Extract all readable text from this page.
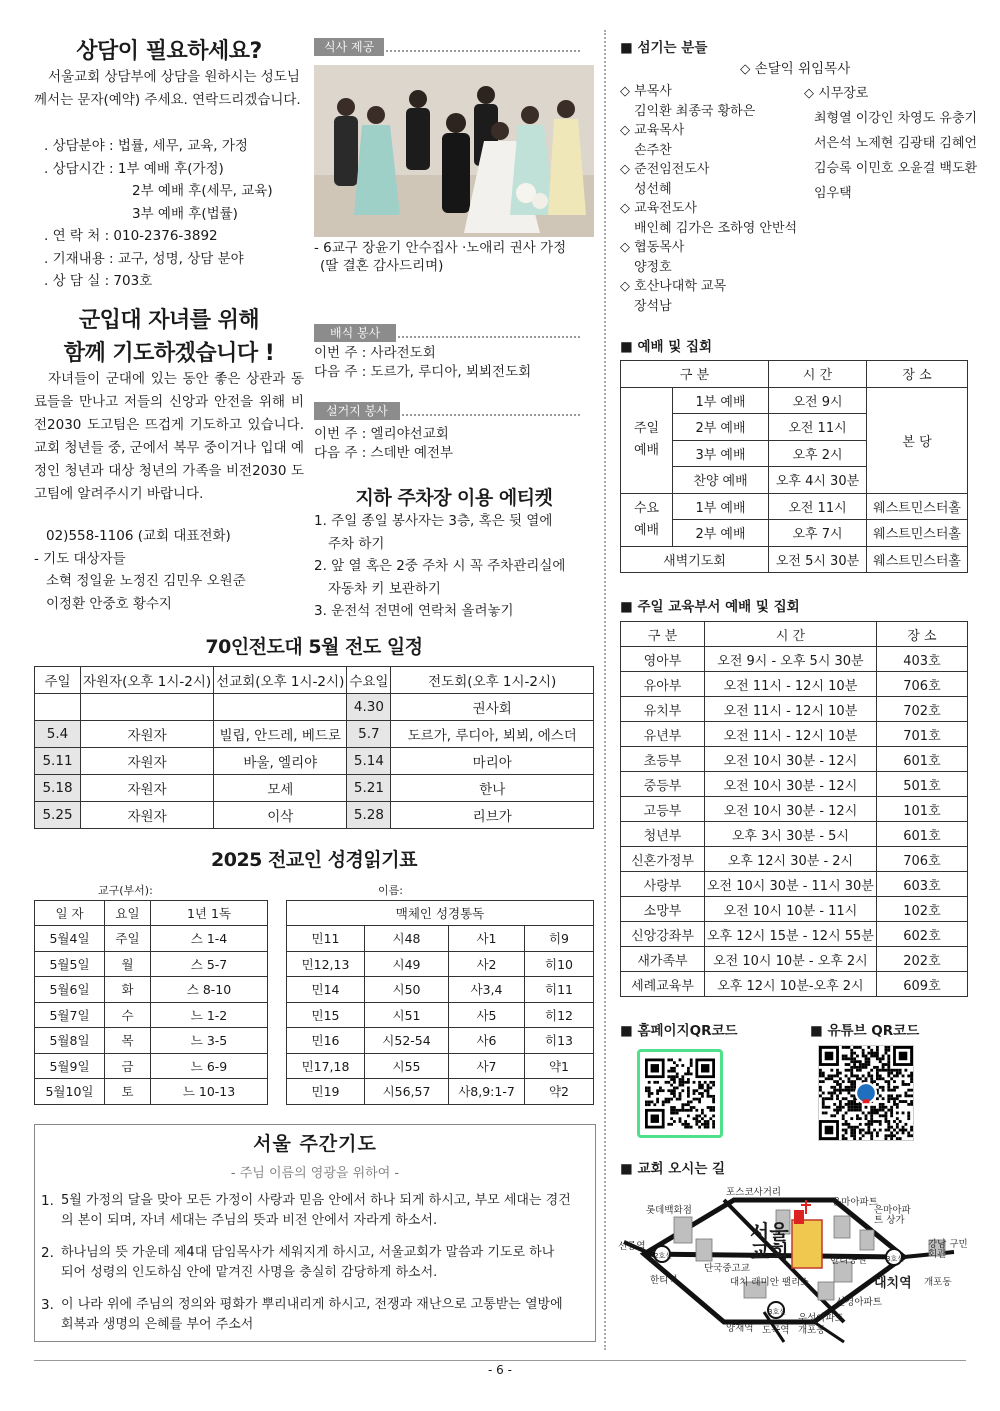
상담이 필요하세요?

서울교회 상담부에 상담을 원하시는 성도님께서는 문자(예약) 주세요. 연락드리겠습니다.

. 상담분야 : 법률, 세무, 교육, 가정
. 상담시간 : 1부 예배 후(가정)
2부 예배 후(세무, 교육)
3부 예배 후(법률)
. 연 락 처 : 010-2376-3892
. 기재내용 : 교구, 성명, 상담 분야
. 상 담 실 : 703호
군입대 자녀를 위해
함께 기도하겠습니다 !

자녀들이 군대에 있는 동안 좋은 상관과 동료들을 만나고 저들의 신앙과 안전을 위해 비전2030 도고팀은 뜨겁게 기도하고 있습니다. 교회 청년들 중, 군에서 복무 중이거나 입대 예정인 청년과 대상 청년의 가족을 비전2030 도고팀에 알려주시기 바랍니다.

02)558-1106 (교회 대표전화)
- 기도 대상자들
소혁 정일윤 노정진 김민우 오원준
이정환 안중호 황수지
식사 제공
- 6교구 장윤기 안수집사 ·노애리 권사 가정
(딸 결혼 감사드리며)
배식 봉사
이번 주 : 사라전도회
다음 주 : 도르가, 루디아, 뵈뵈전도회
설거지 봉사
이번 주 : 엘리야선교회
다음 주 : 스데반 예전부
지하 주차장 이용 에티켓
1. 주일 종일 봉사자는 3층, 혹은 뒷 열에
주차 하기
2. 앞 열 혹은 2중 주차 시 꼭 주차관리실에
자동차 키 보관하기
3. 운전석 전면에 연락처 올려놓기
70인전도대 5월 전도 일정
주일	자원자(오후 1시-2시)	선교회(오후 1시-2시)	수요일	전도회(오후 1시-2시)
			4.30	권사회
5.4	자원자	빌립, 안드레, 베드로	5.7	도르가, 루디아, 뵈뵈, 에스더
5.11	자원자	바울, 엘리야	5.14	마리아
5.18	자원자	모세	5.21	한나
5.25	자원자	이삭	5.28	리브가
2025 전교인 성경읽기표
교구(부서):	이름:
일 자	요일	1년 1독
5월4일	주일	스 1-4
5월5일	월	스 5-7
5월6일	화	스 8-10
5월7일	수	느 1-2
5월8일	목	느 3-5
5월9일	금	느 6-9
5월10일	토	느 10-13
맥체인 성경통독			
민11	시48	사1	히9
민12,13	시49	사2	히10
민14	시50	사3,4	히11
민15	시51	사5	히12
민16	시52-54	사6	히13
민17,18	시55	사7	약1
민19	시56,57	사8,9:1-7	약2
서울 주간기도
- 주님 이름의 영광을 위하여 -
1. 5월 가정의 달을 맞아 모든 가정이 사랑과 믿음 안에서 하나 되게 하시고, 부모 세대는 경건
의 본이 되며, 자녀 세대는 주님의 뜻과 비전 안에서 자라게 하소서.
2. 하나님의 뜻 가운데 제4대 담임목사가 세워지게 하시고, 서울교회가 말씀과 기도로 하나
되어 성령의 인도하심 안에 맡겨진 사명을 충실히 감당하게 하소서.
3. 이 나라 위에 주님의 정의와 평화가 뿌리내리게 하시고, 전쟁과 재난으로 고통받는 열방에
회복과 생명의 은혜를 부어 주소서
■ 섬기는 분들
◇ 손달익 위임목사
◇ 부목사
김익환 최종국 황하은
◇ 교육목사
손주찬
◇ 준전임전도사
성선혜
◇ 교육전도사
배인혜 김가은 조하영 안반석
◇ 협동목사
양정호
◇ 호산나대학 교목
장석남
◇ 시무장로
최형열 이강인 차영도 유충기
서은석 노제현 김광태 김혜언
김승록 이민호 오윤걸 백도환
임우택
■ 예배 및 집회
구 분		시 간	장 소
주일
예배	1부 예배	오전 9시	본 당
	2부 예배	오전 11시	
	3부 예배	오후 2시	
	찬양 예배	오후 4시 30분	
수요
예배	1부 예배	오전 11시	웨스트민스터홀
	2부 예배	오후 7시	웨스트민스터홀
새벽기도회		오전 5시 30분	웨스트민스터홀
■ 주일 교육부서 예배 및 집회
구 분	시 간	장 소
영아부	오전 9시 - 오후 5시 30분	403호
유아부	오전 11시 - 12시 10분	706호
유치부	오전 11시 - 12시 10분	702호
유년부	오전 11시 - 12시 10분	701호
초등부	오전 10시 30분 - 12시	601호
중등부	오전 10시 30분 - 12시	501호
고등부	오전 10시 30분 - 12시	101호
청년부	오후 3시 30분 - 5시	601호
신혼가정부	오후 12시 30분 - 2시	706호
사랑부	오전 10시 30분 - 11시 30분	603호
소망부	오전 10시 10분 - 11시	102호
신앙강좌부	오후 12시 15분 - 12시 55분	602호
새가족부	오전 10시 10분 - 오후 2시	202호
세례교육부	오후 12시 10분-오후 2시	609호
■ 홈페이지QR코드	■ 유튜브 QR코드
■ 교회 오시는 길
포스코사거리
롯데백화점
은마아파트
은마아파트 상가
선릉역
2호선
한티역
단국중고교
서울
교회	한티공원	3호선
대치역
강남 구민회관
개포동
대치 래미안 팰리스
선경아파트
3호선
우성아파트
개포동
양재역 도곡역
- 6 -
